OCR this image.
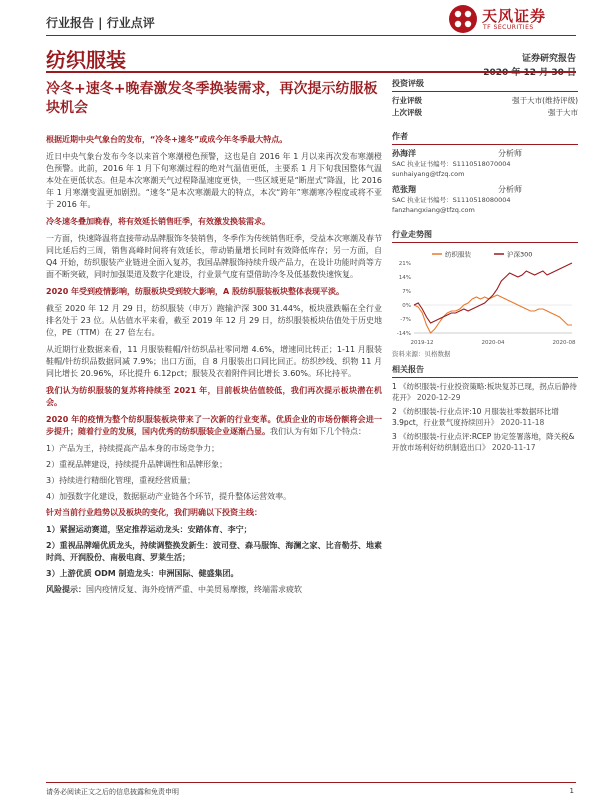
行业报告 | 行业点评	天风证券
TF SECURITIES
纺织服装	证券研究报告
2020 年 12 月 30 日
冷冬+速冬+晚春激发冬季换装需求，再次提示纺服板块机会

根据近期中央气象台的发布，“冷冬+速冬”或成今年冬季最大特点。

近日中央气象台发布今冬以来首个寒潮橙色预警，这也是自 2016 年 1 月以来再次发布寒潮橙色预警。此前，2016 年 1 月下旬寒潮过程的绝对气温值更低，主要系 1 月下旬我国整体气温本处在更低状态。但是本次寒潮天气过程降温速度更快，一些区域更是“断崖式”降温，比 2016 年 1 月寒潮变温更加剧烈。“速冬”是本次寒潮最大的特点，本次“跨年”寒潮寒冷程度或将不亚于 2016 年。

冷冬速冬叠加晚春，将有效延长销售旺季，有效激发换装需求。

一方面，快速降温将直接带动品牌服饰冬装销售，冬季作为传统销售旺季，受益本次寒潮及春节同比延后约三周，销售高峰时间将有效延长，带动销量增长同时有效降低库存；另一方面，自 Q4 开始，纺织服装产业链进全面入复苏，我国品牌服饰持续升级产品力，在设计功能时尚等方面不断突破，同时加强渠道及数字化建设，行业景气度有望借助冷冬及低基数快速恢复。

2020 年受到疫情影响，纺服板块受到较大影响，A 股纺织服装板块整体表现平淡。

截至 2020 年 12 月 29 日，纺织服装（申万）跑输沪深 300 31.44%，板块涨跌幅在全行业排名处于 23 位。从估值水平来看，截至 2019 年 12 月 29 日，纺织服装板块估值处于历史地位，PE（TTM）在 27 倍左右。

从近期行业数据来看，11 月服装鞋帽/针纺织品社零同增 4.6%，增速同比转正；1-11 月服装鞋帽/针纺织品数据同减 7.9%；出口方面，自 8 月服装出口同比回正。纺织纱线、织物 11 月同比增长 20.96%，环比提升 6.12pct；服装及衣着附件同比增长 3.60%。环比持平。

我们认为纺织服装的复苏将持续至 2021 年，目前板块估值较低，我们再次提示板块潜在机会。

2020 年的疫情为整个纺织服装板块带来了一次新的行业变革。优质企业的市场份额将会进一步提升；随着行业的发展，国内优秀的纺织服装企业逐渐凸显。我们认为有如下几个特点：

1）产品为王，持续提高产品本身的市场竞争力；

2）重视品牌建设，持续提升品牌调性和品牌形象；

3）持续进行精细化管理，重视经营质量；

4）加强数字化建设，数据驱动产业链各个环节，提升整体运营效率。

针对当前行业趋势以及板块的变化，我们明确以下投资主线：

1）紧握运动赛道，坚定推荐运动龙头：安踏体育、李宁；

2）重视品牌端优质龙头，持续调整换发新生：波司登、森马服饰、海澜之家、比音勒芬、地素时尚、开润股份、南极电商、罗莱生活；

3）上游优质 ODM 制造龙头：申洲国际、健盛集团。

风险提示：国内疫情反复、海外疫情严重、中美贸易摩擦，终端需求疲软

投资评级
行业评级	强于大市(维持评级)
上次评级	强于大市
作者
孙海洋	分析师
SAC 执业证书编号：S1110518070004
sunhaiyang@tfzq.com
范张翔	分析师
SAC 执业证书编号：S1110518080004
fanzhangxiang@tfzq.com
行业走势图
纺织服装	沪深300
21%
14%
7%
0%
-7%
-14%
2019-12	2020-04	2020-08
资料来源：贝格数据
相关报告
1 《纺织服装-行业投资策略:板块复苏已现，拐点后静待花开》 2020-12-29
2 《纺织服装-行业点评:10 月服装社零数据环比增 3.9pct，行业景气度持续回升》 2020-11-18
3 《纺织服装-行业点评:RCEP 协定签署落地，降关税&开放市场利好纺织制造出口》 2020-11-17
请务必阅读正文之后的信息披露和免责申明	1
